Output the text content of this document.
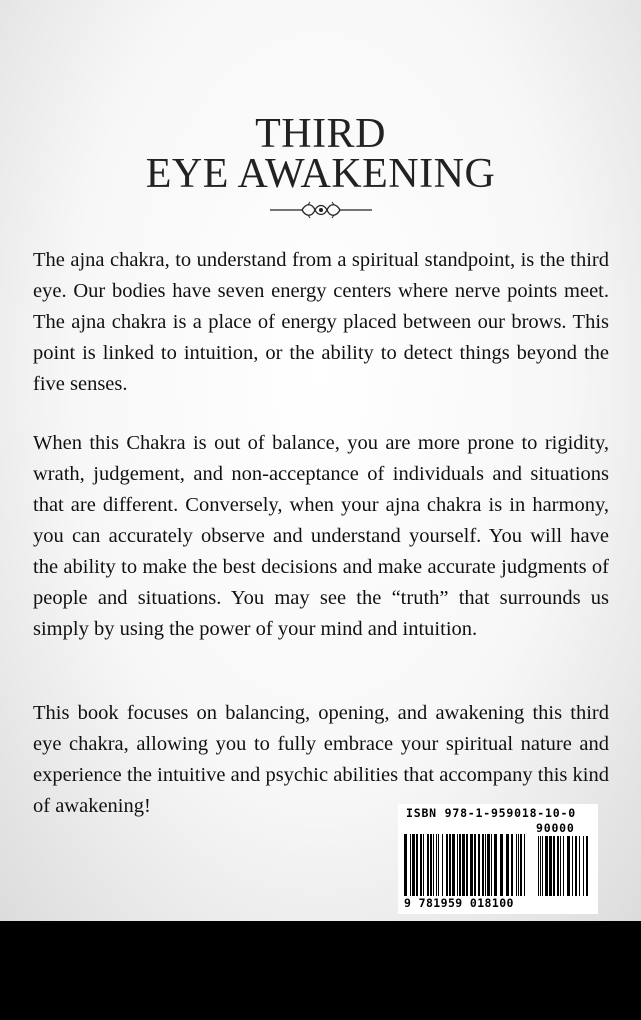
THIRD
EYE AWAKENING

The ajna chakra, to understand from a spiritual standpoint, is the third eye. Our bodies have seven energy centers where nerve points meet. The ajna chakra is a place of energy placed between our brows. This point is linked to intuition, or the ability to detect things beyond the five senses.

When this Chakra is out of balance, you are more prone to rigidity, wrath, judgement, and non-acceptance of individuals and situations that are different. Conversely, when your ajna chakra is in harmony, you can accurately observe and understand yourself. You will have the ability to make the best decisions and make accurate judgments of people and situations. You may see the “truth” that surrounds us simply by using the power of your mind and intuition.

This book focuses on balancing, opening, and awakening this third eye chakra, allowing you to fully embrace your spiritual nature and experience the intuitive and psychic abilities that accompany this kind of awakening!	ISBN 978-1-959018-10-0

90000

9 781959 018100
